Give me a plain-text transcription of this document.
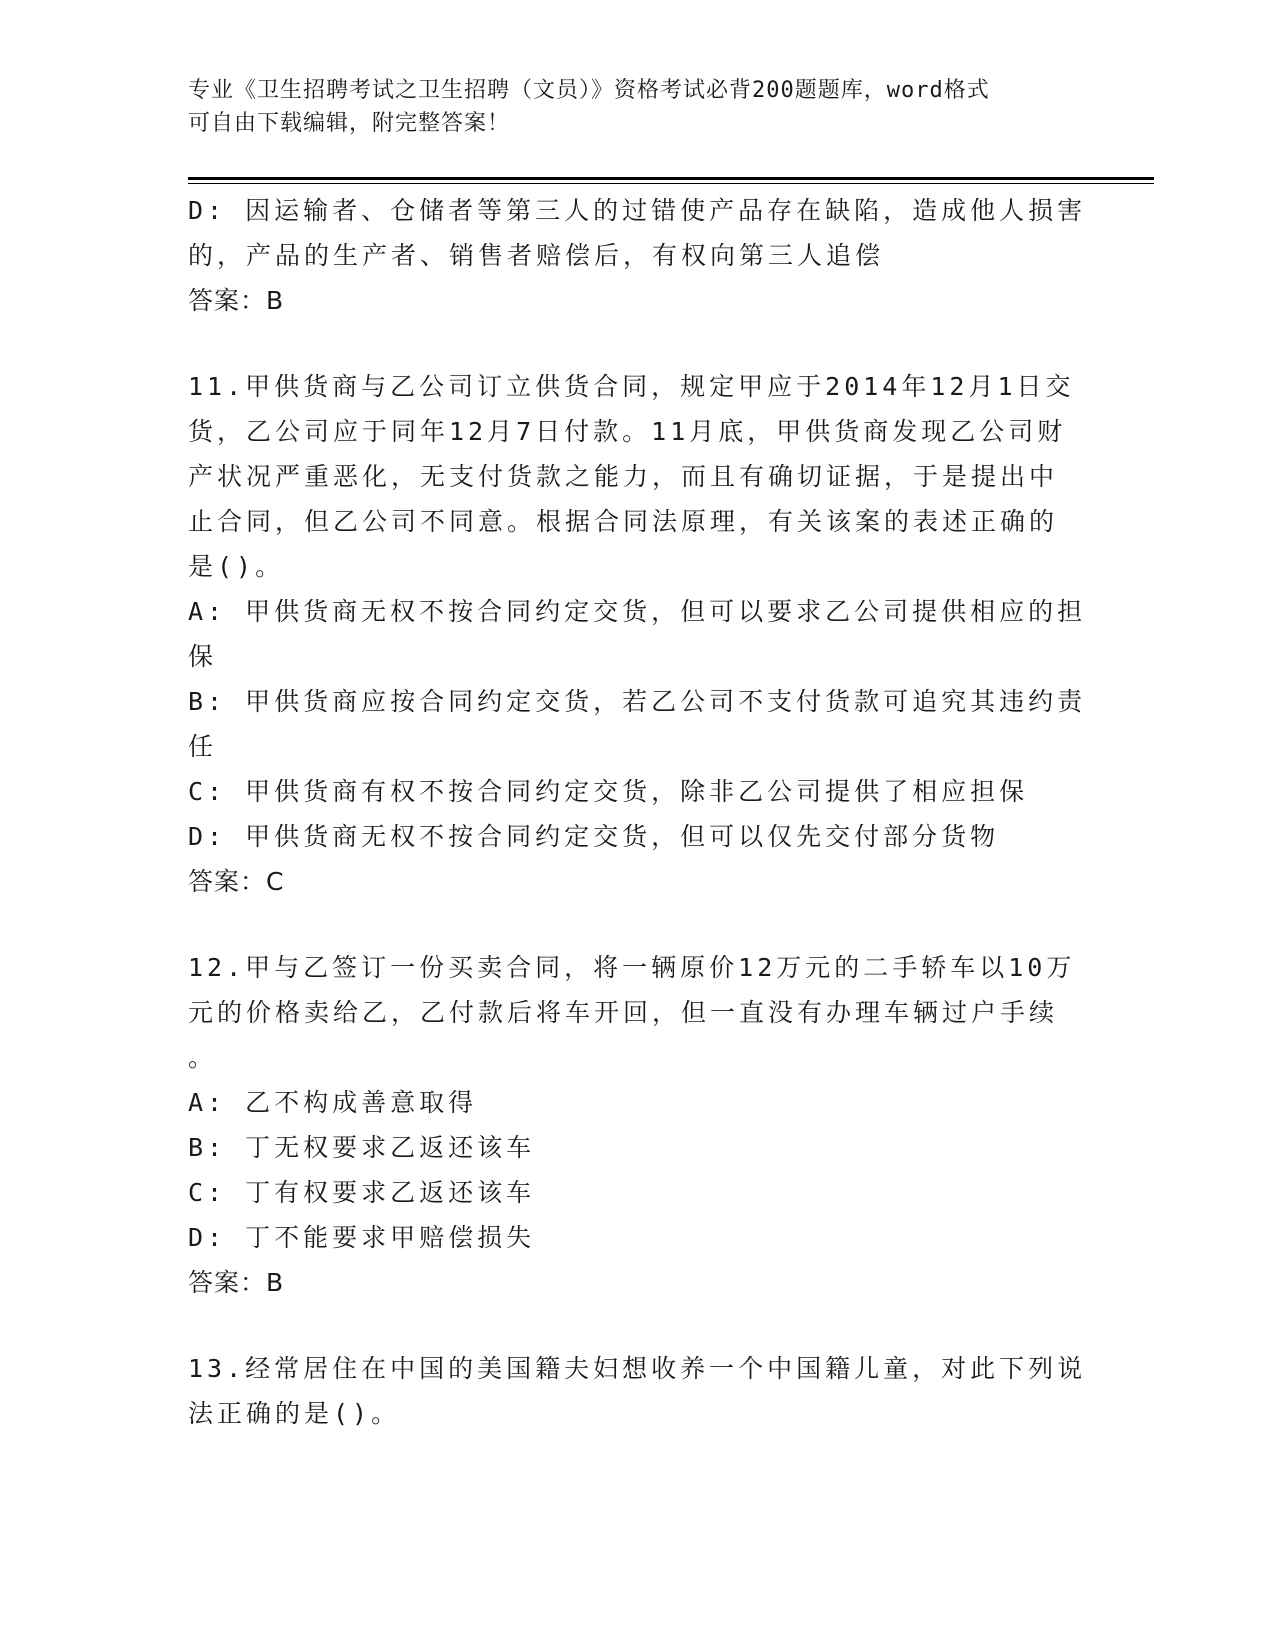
专业《卫生招聘考试之卫生招聘（文员）》资格考试必背200题题库，word格式
可自由下载编辑，附完整答案！
D: 因运输者、仓储者等第三人的过错使产品存在缺陷，造成他人损害
的，产品的生产者、销售者赔偿后，有权向第三人追偿
答案：B
11.甲供货商与乙公司订立供货合同，规定甲应于2014年12月1日交
货，乙公司应于同年12月7日付款。11月底，甲供货商发现乙公司财
产状况严重恶化，无支付货款之能力，而且有确切证据，于是提出中
止合同，但乙公司不同意。根据合同法原理，有关该案的表述正确的
是()。
A: 甲供货商无权不按合同约定交货，但可以要求乙公司提供相应的担
保
B: 甲供货商应按合同约定交货，若乙公司不支付货款可追究其违约责
任
C: 甲供货商有权不按合同约定交货，除非乙公司提供了相应担保
D: 甲供货商无权不按合同约定交货，但可以仅先交付部分货物
答案：C
12.甲与乙签订一份买卖合同，将一辆原价12万元的二手轿车以10万
元的价格卖给乙，乙付款后将车开回，但一直没有办理车辆过户手续
。
A: 乙不构成善意取得
B: 丁无权要求乙返还该车
C: 丁有权要求乙返还该车
D: 丁不能要求甲赔偿损失
答案：B
13.经常居住在中国的美国籍夫妇想收养一个中国籍儿童，对此下列说
法正确的是()。
